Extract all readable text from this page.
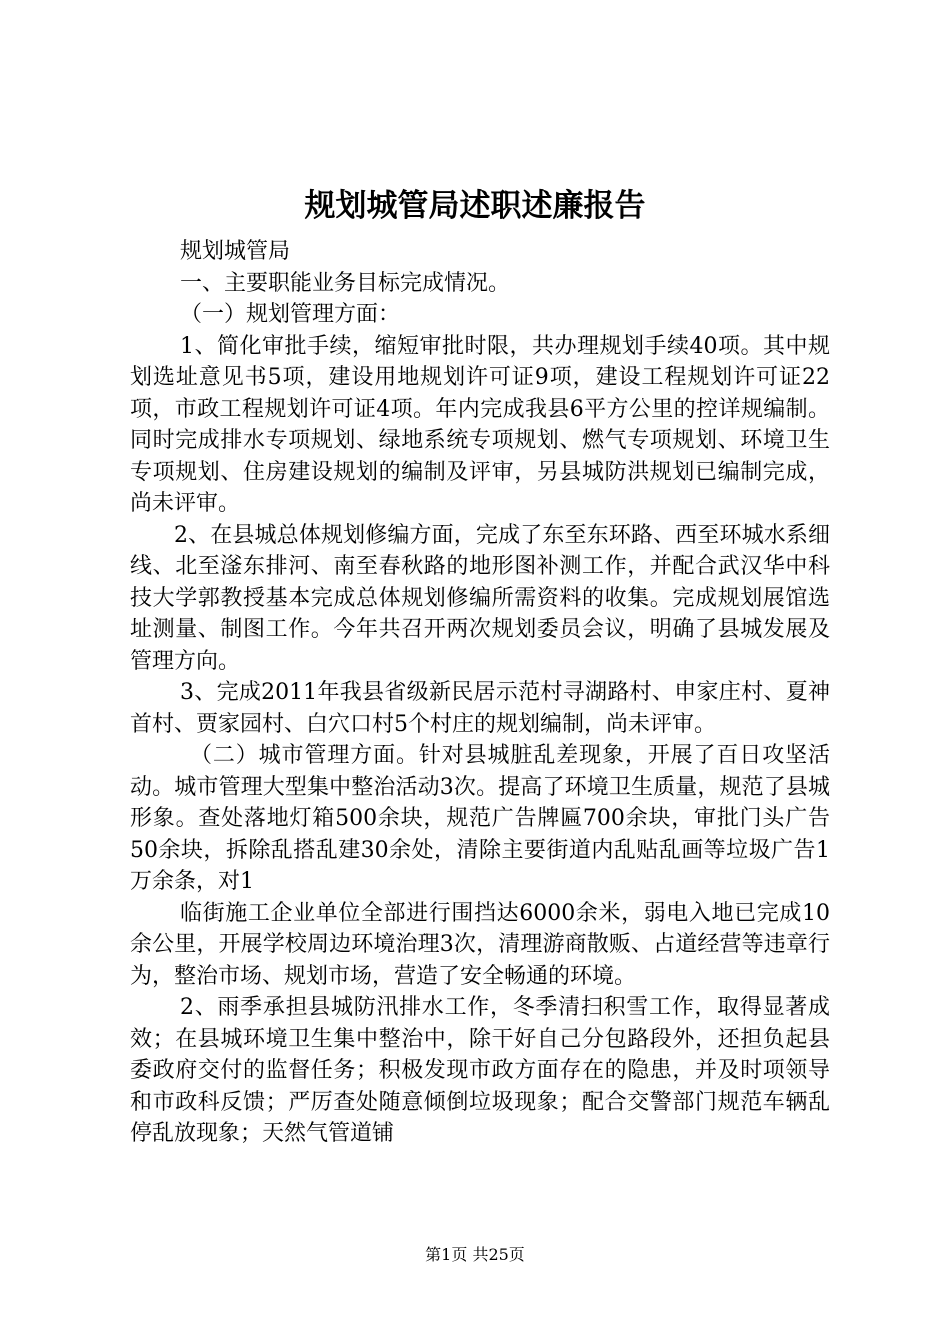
规划城管局述职述廉报告

规划城管局

一、主要职能业务目标完成情况。

（一）规划管理方面：

1、简化审批手续，缩短审批时限，共办理规划手续40项。其中规划选址意见书5项，建设用地规划许可证9项，建设工程规划许可证22项，市政工程规划许可证4项。年内完成我县6平方公里的控详规编制。同时完成排水专项规划、绿地系统专项规划、燃气专项规划、环境卫生专项规划、住房建设规划的编制及评审，另县城防洪规划已编制完成，尚未评审。

2、在县城总体规划修编方面，完成了东至东环路、西至环城水系细线、北至滏东排河、南至春秋路的地形图补测工作，并配合武汉华中科技大学郭教授基本完成总体规划修编所需资料的收集。完成规划展馆选址测量、制图工作。今年共召开两次规划委员会议，明确了县城发展及管理方向。

3、完成2011年我县省级新民居示范村寻湖路村、申家庄村、夏神首村、贾家园村、白穴口村5个村庄的规划编制，尚未评审。

（二）城市管理方面。针对县城脏乱差现象，开展了百日攻坚活动。城市管理大型集中整治活动3次。提高了环境卫生质量，规范了县城形象。查处落地灯箱500余块，规范广告牌匾700余块，审批门头广告50余块，拆除乱搭乱建30余处，清除主要街道内乱贴乱画等垃圾广告1万余条，对1

临街施工企业单位全部进行围挡达6000余米，弱电入地已完成10余公里，开展学校周边环境治理3次，清理游商散贩、占道经营等违章行为，整治市场、规划市场，营造了安全畅通的环境。

2、雨季承担县城防汛排水工作，冬季清扫积雪工作，取得显著成效；在县城环境卫生集中整治中，除干好自己分包路段外，还担负起县委政府交付的监督任务；积极发现市政方面存在的隐患，并及时项领导和市政科反馈；严厉查处随意倾倒垃圾现象；配合交警部门规范车辆乱停乱放现象；天然气管道铺

第1页 共25页
